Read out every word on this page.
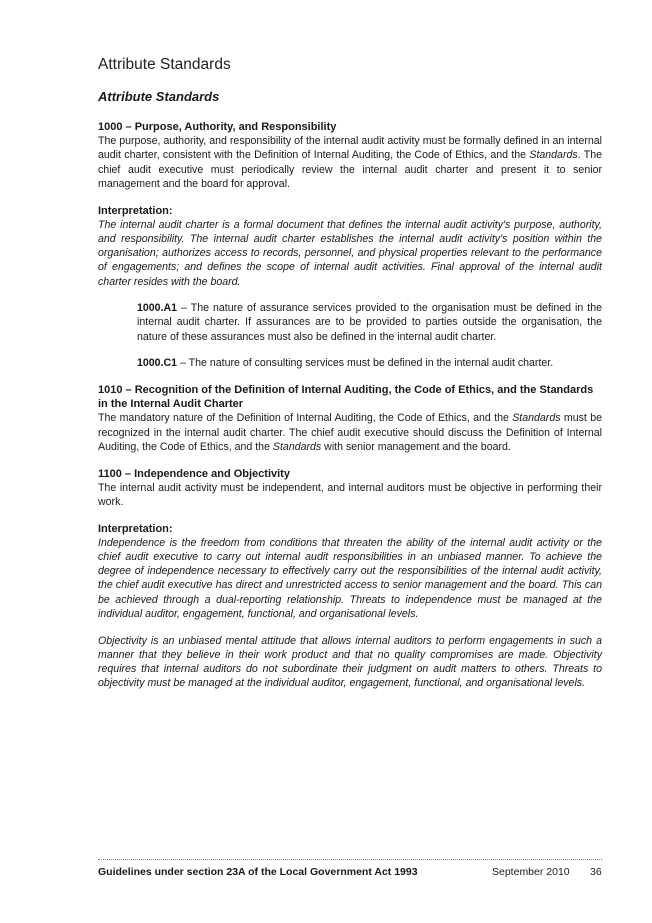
Attribute Standards
Attribute Standards

1000 – Purpose, Authority, and Responsibility

The purpose, authority, and responsibility of the internal audit activity must be formally defined in an internal audit charter, consistent with the Definition of Internal Auditing, the Code of Ethics, and the Standards. The chief audit executive must periodically review the internal audit charter and present it to senior management and the board for approval.

Interpretation:

The internal audit charter is a formal document that defines the internal audit activity's purpose, authority, and responsibility. The internal audit charter establishes the internal audit activity's position within the organisation; authorizes access to records, personnel, and physical properties relevant to the performance of engagements; and defines the scope of internal audit activities. Final approval of the internal audit charter resides with the board.

1000.A1 – The nature of assurance services provided to the organisation must be defined in the internal audit charter. If assurances are to be provided to parties outside the organisation, the nature of these assurances must also be defined in the internal audit charter.

1000.C1 – The nature of consulting services must be defined in the internal audit charter.

1010 – Recognition of the Definition of Internal Auditing, the Code of Ethics, and the Standards in the Internal Audit Charter

The mandatory nature of the Definition of Internal Auditing, the Code of Ethics, and the Standards must be recognized in the internal audit charter. The chief audit executive should discuss the Definition of Internal Auditing, the Code of Ethics, and the Standards with senior management and the board.

1100 – Independence and Objectivity

The internal audit activity must be independent, and internal auditors must be objective in performing their work.

Interpretation:

Independence is the freedom from conditions that threaten the ability of the internal audit activity or the chief audit executive to carry out internal audit responsibilities in an unbiased manner. To achieve the degree of independence necessary to effectively carry out the responsibilities of the internal audit activity, the chief audit executive has direct and unrestricted access to senior management and the board. This can be achieved through a dual-reporting relationship. Threats to independence must be managed at the individual auditor, engagement, functional, and organisational levels.

Objectivity is an unbiased mental attitude that allows internal auditors to perform engagements in such a manner that they believe in their work product and that no quality compromises are made. Objectivity requires that internal auditors do not subordinate their judgment on audit matters to others. Threats to objectivity must be managed at the individual auditor, engagement, functional, and organisational levels.

Guidelines under section 23A of the Local Government Act 1993	September 2010 36
